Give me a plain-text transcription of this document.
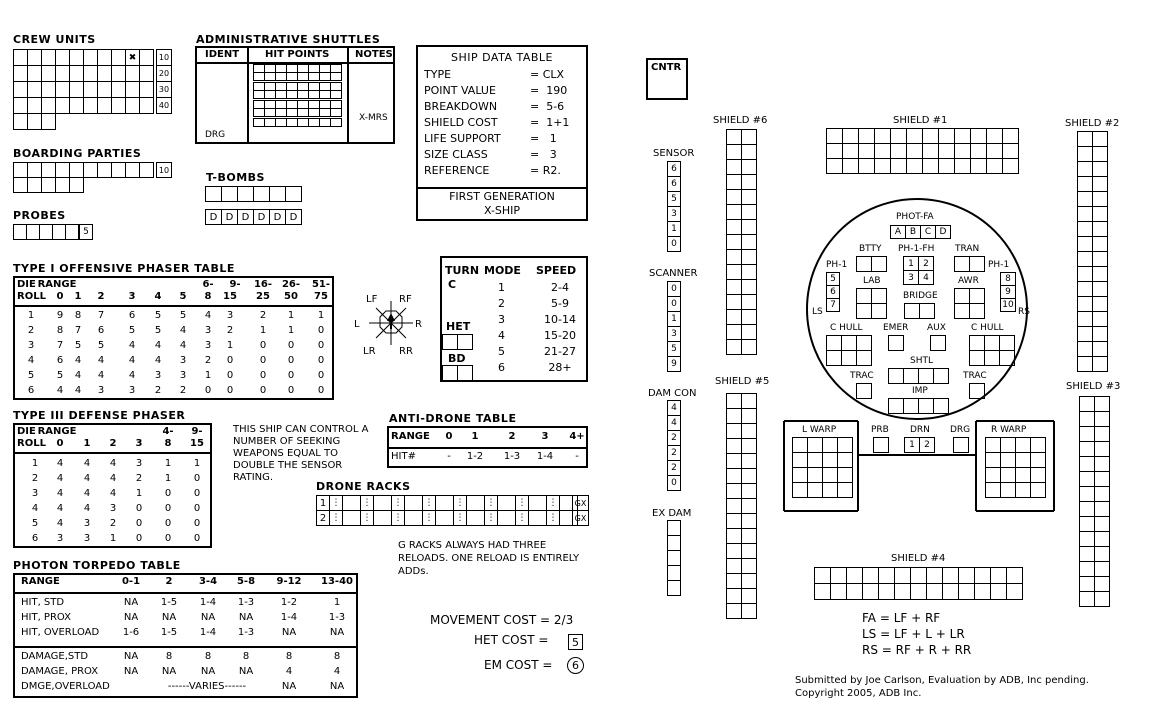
CREW UNITS
✖	10
20
30
40
ADMINISTRATIVE SHUTTLES
IDENT	HIT POINTS	NOTES
X-MRS
DRG
BOARDING PARTIES
10
PROBES
5
T-BOMBS
D D D D D D
SHIP DATA TABLE
TYPE	= CLX
POINT VALUE	=  190
BREAKDOWN	=  5-6
SHIELD COST	=  1+1
LIFE SUPPORT	=   1
SIZE CLASS	=   3
REFERENCE	= R2.
FIRST GENERATION
X-SHIP
TYPE I OFFENSIVE PHASER TABLE
DIE RANGE	6- 9- 16- 26- 51-
ROLL 0 1 2 3 4 5 8 15 25 50 75
1 9 8 7 6 5 5 4 3	2 1 1
2 8 7 6 5 5 4 3 2	1 1 0
3 7 5 5 4 4 4 3 1	0 0 0
4 6 4 4 4 4 3 2 0	0 0 0
5 5 4 4 4 3 3 1 0	0 0 0
6 4 4 3 3 2 2 0 0	0 0 0
LF RF
L	R
LR RR
TURN MODE SPEED
C	1	2-4
2	5-9
3	10-14
4	15-20
5	21-27
6	28+
HET
BD
TYPE III DEFENSE PHASER
DIE RANGE	4- 9-
ROLL 0 1 2 3 8 15
1 4 4 4 3 1 1
2 4 4 4 2 1 0
3 4 4 4 1 0 0
4 4 4 3 0 0 0
5 4 3 2 0 0 0
6 3 3 1 0 0 0
THIS SHIP CAN CONTROL A
NUMBER OF SEEKING
WEAPONS EQUAL TO
DOUBLE THE SENSOR
RATING.
ANTI-DRONE TABLE
RANGE 0 1	2	3 4+
HIT#	- 1-2 1-3 1-4 -
DRONE RACKS
1 ⋮ ⋮ ⋮ ⋮ ⋮ ⋮ ⋮ ⋮	GX
2 ⋮ ⋮ ⋮ ⋮ ⋮ ⋮ ⋮ ⋮	GX
G RACKS ALWAYS HAD THREE
RELOADS. ONE RELOAD IS ENTIRELY
ADDs.
PHOTON TORPEDO TABLE
RANGE	0-1	2	3-4 5-8 9-12 13-40
HIT, STD	NA 1-5 1-4 1-3	1-2	1
HIT, PROX	NA NA NA NA	1-4	1-3
HIT, OVERLOAD 1-6 1-5 1-4 1-3	NA	NA
DAMAGE,STD	NA	8	8	8	8	8
DAMAGE, PROX	NA NA NA NA	4	4
DMGE,OVERLOAD	------VARIES------	NA	NA
MOVEMENT COST = 2/3
HET COST =	5
EM COST =	6
CNTR
SHIELD #6	SHIELD #1	SHIELD #2
SHIELD #5	SHIELD #3
SHIELD #4
SENSOR
6
6
5
3
1
0
SCANNER
0
0
1
3
5
9
DAM CON
4
4
2
2
2
0
EX DAM
PHOT-FA
A B C D
BTTY PH-1-FH
1	2
3	4
TRAN
PH-1	PH-1
5
6
7
8
9
10
LS	RS
LAB
BRIDGE
AWR
C HULL EMER AUX	C HULL
SHTL
TRAC	TRAC
IMP
L WARP	R WARP
PRB DRN
1	2
DRG
FA = LF + RF
LS = LF + L + LR
RS = RF + R + RR
Submitted by Joe Carlson, Evaluation by ADB, Inc pending.
Copyright 2005, ADB Inc.
